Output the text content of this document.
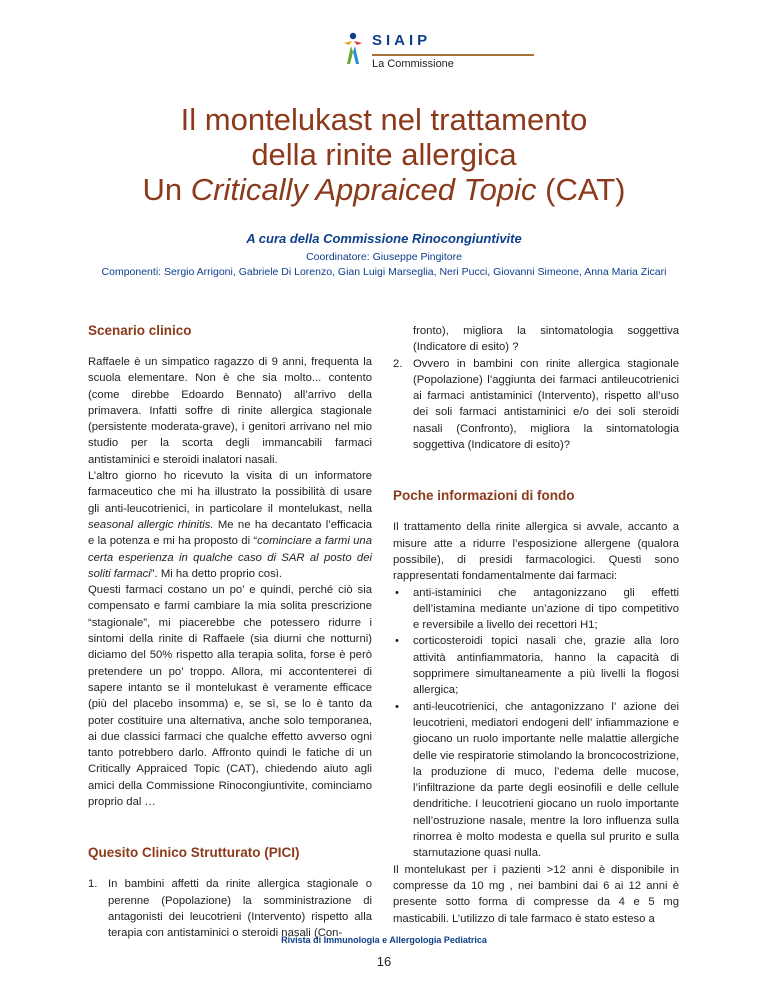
SIAIP
La Commissione
Il montelukast nel trattamento
della rinite allergica
Un Critically Appraiced Topic (CAT)
A cura della Commissione Rinocongiuntivite
Coordinatore: Giuseppe Pingitore
Componenti: Sergio Arrigoni, Gabriele Di Lorenzo, Gian Luigi Marseglia, Neri Pucci, Giovanni Simeone, Anna Maria Zicari
Scenario clinico

Raffaele è un simpatico ragazzo di 9 anni, frequenta la scuola elementare. Non è che sia molto... contento (come direbbe Edoardo Bennato) all’arrivo della primavera. Infatti soffre di rinite allergica stagionale (persistente moderata-grave), i genitori arrivano nel mio studio per la scorta degli immancabili farmaci antistaminici e steroidi inalatori nasali.

L’altro giorno ho ricevuto la visita di un informatore farmaceutico che mi ha illustrato la possibilità di usare gli anti-leucotrienici, in particolare il montelukast, nella seasonal allergic rhinitis. Me ne ha decantato l’efficacia e la potenza e mi ha proposto di “cominciare a farmi una certa esperienza in qualche caso di SAR al posto dei soliti farmaci”. Mi ha detto proprio così.

Questi farmaci costano un po’ e quindi, perché ciò sia compensato e farmi cambiare la mia solita prescrizione “stagionale”, mi piacerebbe che potessero ridurre i sintomi della rinite di Raffaele (sia diurni che notturni) diciamo del 50% rispetto alla terapia solita, forse è però pretendere un po’ troppo. Allora, mi accontenterei di sapere intanto se il montelukast è veramente efficace (più del placebo insomma) e, se sì, se lo è tanto da poter costituire una alternativa, anche solo temporanea, ai due classici farmaci che qualche effetto avverso ogni tanto potrebbero darlo. Affronto quindi le fatiche di un Critically Appraiced Topic (CAT), chiedendo aiuto agli amici della Commissione Rinocongiuntivite, cominciamo proprio dal …

Quesito Clinico Strutturato (PICI)
1. In bambini affetti da rinite allergica stagionale o perenne (Popolazione) la somministrazione di antagonisti dei leucotrieni (Intervento) rispetto alla terapia con antistaminici o steroidi nasali (Con-
fronto), migliora la sintomatologia soggettiva (Indicatore di esito) ?
2. Ovvero in bambini con rinite allergica stagionale (Popolazione) l’aggiunta dei farmaci antileucotrienici ai farmaci antistaminici (Intervento), rispetto all’uso dei soli farmaci antistaminici e/o dei soli steroidi nasali (Confronto), migliora la sintomatologia soggettiva (Indicatore di esito)?
Poche informazioni di fondo

Il trattamento della rinite allergica si avvale, accanto a misure atte a ridurre l’esposizione allergene (qualora possibile), di presidi farmacologici. Questi sono rappresentati fondamentalmente dai farmaci:

• anti-istaminici che antagonizzano gli effetti dell’istamina mediante un’azione di tipo competitivo e reversibile a livello dei recettori H1;
• corticosteroidi topici nasali che, grazie alla loro attività antinfiammatoria, hanno la capacità di sopprimere simultaneamente a più livelli la flogosi allergica;
• anti-leucotrienici, che antagonizzano l’ azione dei leucotrieni, mediatori endogeni dell’ infiammazione e giocano un ruolo importante nelle malattie allergiche delle vie respiratorie stimolando la broncocostrizione, la produzione di muco, l’edema delle mucose, l’infiltrazione da parte degli eosinofili e delle cellule dendritiche. I leucotrieni giocano un ruolo importante nell’ostruzione nasale, mentre la loro influenza sulla rinorrea è molto modesta e quella sul prurito e sulla starnutazione quasi nulla.

Il montelukast per i pazienti >12 anni è disponibile in compresse da 10 mg , nei bambini dai 6 ai 12 anni è presente sotto forma di compresse da 4 e 5 mg masticabili. L’utilizzo di tale farmaco è stato esteso a

Rivista di Immunologia e Allergologia Pediatrica
16
